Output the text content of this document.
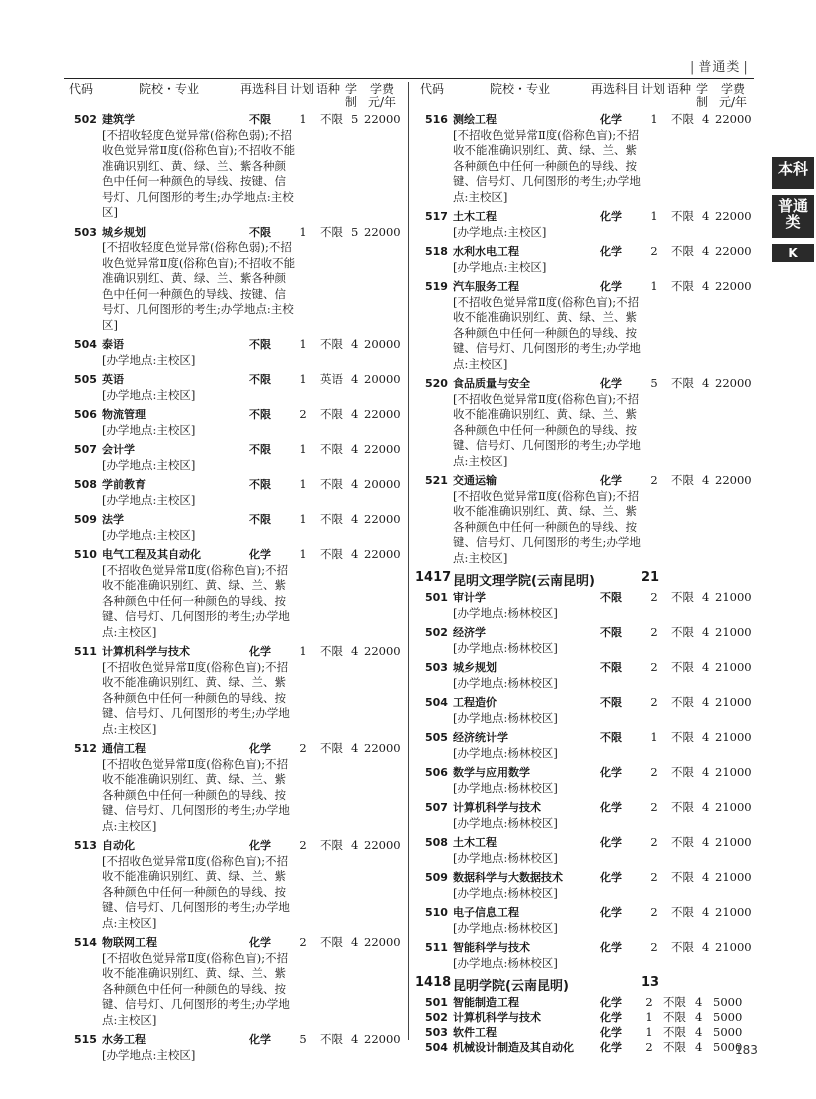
| 普通类 |
代码	院校・专业	再选科目 计划 语种 学
制
学费
元/年
502 建筑学	不限 1 不限 5 22000
[不招收轻度色觉异常(俗称色弱);不招收色觉异常Ⅱ度(俗称色盲);不招收不能准确识别红、黄、绿、兰、紫各种颜色中任何一种颜色的导线、按键、信号灯、几何图形的考生;办学地点:主校区]
503 城乡规划	不限 1 不限 5 22000
[不招收轻度色觉异常(俗称色弱);不招收色觉异常Ⅱ度(俗称色盲);不招收不能准确识别红、黄、绿、兰、紫各种颜色中任何一种颜色的导线、按键、信号灯、几何图形的考生;办学地点:主校区]
504 泰语	不限 1 不限 4 20000
[办学地点:主校区]
505 英语	不限 1 英语 4 20000
[办学地点:主校区]
506 物流管理	不限 2 不限 4 22000
[办学地点:主校区]
507 会计学	不限 1 不限 4 22000
[办学地点:主校区]
508 学前教育	不限 1 不限 4 20000
[办学地点:主校区]
509 法学	不限 1 不限 4 22000
[办学地点:主校区]
510 电气工程及其自动化	化学 1 不限 4 22000
[不招收色觉异常Ⅱ度(俗称色盲);不招收不能准确识别红、黄、绿、兰、紫各种颜色中任何一种颜色的导线、按键、信号灯、几何图形的考生;办学地点:主校区]
511 计算机科学与技术	化学 1 不限 4 22000
[不招收色觉异常Ⅱ度(俗称色盲);不招收不能准确识别红、黄、绿、兰、紫各种颜色中任何一种颜色的导线、按键、信号灯、几何图形的考生;办学地点:主校区]
512 通信工程	化学 2 不限 4 22000
[不招收色觉异常Ⅱ度(俗称色盲);不招收不能准确识别红、黄、绿、兰、紫各种颜色中任何一种颜色的导线、按键、信号灯、几何图形的考生;办学地点:主校区]
513 自动化	化学 2 不限 4 22000
[不招收色觉异常Ⅱ度(俗称色盲);不招收不能准确识别红、黄、绿、兰、紫各种颜色中任何一种颜色的导线、按键、信号灯、几何图形的考生;办学地点:主校区]
514 物联网工程	化学 2 不限 4 22000
[不招收色觉异常Ⅱ度(俗称色盲);不招收不能准确识别红、黄、绿、兰、紫各种颜色中任何一种颜色的导线、按键、信号灯、几何图形的考生;办学地点:主校区]
515 水务工程	化学 5 不限 4 22000
[办学地点:主校区]
代码	院校・专业	再选科目 计划 语种 学
制
学费
元/年
516 测绘工程	化学 1 不限 4 22000
[不招收色觉异常Ⅱ度(俗称色盲);不招收不能准确识别红、黄、绿、兰、紫各种颜色中任何一种颜色的导线、按键、信号灯、几何图形的考生;办学地点:主校区]
517 土木工程	化学 1 不限 4 22000
[办学地点:主校区]
518 水利水电工程	化学 2 不限 4 22000
[办学地点:主校区]
519 汽车服务工程	化学 1 不限 4 22000
[不招收色觉异常Ⅱ度(俗称色盲);不招收不能准确识别红、黄、绿、兰、紫各种颜色中任何一种颜色的导线、按键、信号灯、几何图形的考生;办学地点:主校区]
520 食品质量与安全	化学 5 不限 4 22000
[不招收色觉异常Ⅱ度(俗称色盲);不招收不能准确识别红、黄、绿、兰、紫各种颜色中任何一种颜色的导线、按键、信号灯、几何图形的考生;办学地点:主校区]
521 交通运输	化学 2 不限 4 22000
[不招收色觉异常Ⅱ度(俗称色盲);不招收不能准确识别红、黄、绿、兰、紫各种颜色中任何一种颜色的导线、按键、信号灯、几何图形的考生;办学地点:主校区]
1417 昆明文理学院(云南昆明)	21
501 审计学	不限 2 不限 4 21000
[办学地点:杨林校区]
502 经济学	不限 2 不限 4 21000
[办学地点:杨林校区]
503 城乡规划	不限 2 不限 4 21000
[办学地点:杨林校区]
504 工程造价	不限 2 不限 4 21000
[办学地点:杨林校区]
505 经济统计学	不限 1 不限 4 21000
[办学地点:杨林校区]
506 数学与应用数学	化学 2 不限 4 21000
[办学地点:杨林校区]
507 计算机科学与技术	化学 2 不限 4 21000
[办学地点:杨林校区]
508 土木工程	化学 2 不限 4 21000
[办学地点:杨林校区]
509 数据科学与大数据技术	化学 2 不限 4 21000
[办学地点:杨林校区]
510 电子信息工程	化学 2 不限 4 21000
[办学地点:杨林校区]
511 智能科学与技术	化学 2 不限 4 21000
[办学地点:杨林校区]
1418 昆明学院(云南昆明)	13
501 智能制造工程	化学 2 不限 4 5000
502 计算机科学与技术	化学 1 不限 4 5000
503 软件工程	化学 1 不限 4 5000
504 机械设计制造及其自动化 化学 2 不限 4 5000
本科
普通类
K
183
